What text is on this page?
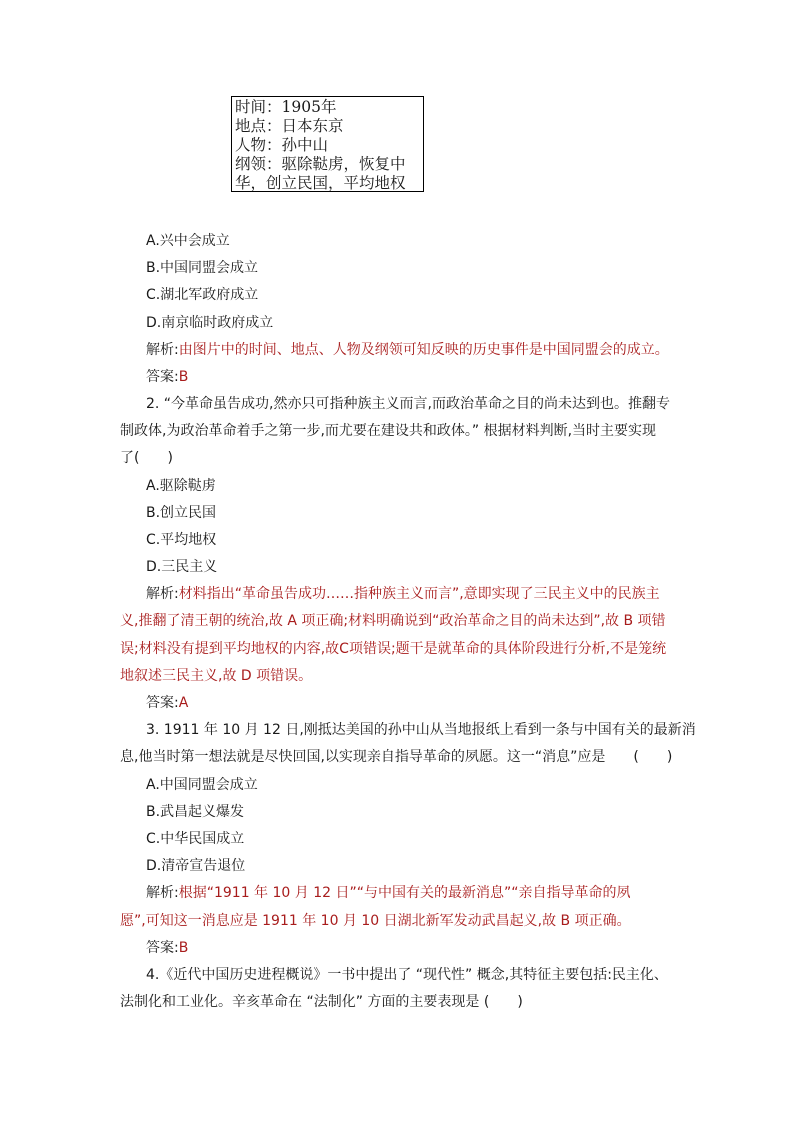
时间：1905年
地点：日本东京
人物：孙中山
纲领：驱除鞑虏，恢复中
华，创立民国，平均地权
A.兴中会成立
B.中国同盟会成立
C.湖北军政府成立
D.南京临时政府成立
解析:由图片中的时间、地点、人物及纲领可知反映的历史事件是中国同盟会的成立。
答案:B
2. “今革命虽告成功,然亦只可指种族主义而言,而政治革命之目的尚未达到也。推翻专
制政体,为政治革命着手之第一步,而尤要在建设共和政体。” 根据材料判断,当时主要实现
了(　　)
A.驱除鞑虏
B.创立民国
C.平均地权
D.三民主义
解析:材料指出“革命虽告成功……指种族主义而言”,意即实现了三民主义中的民族主
义,推翻了清王朝的统治,故 A 项正确;材料明确说到“政治革命之目的尚未达到”,故 B 项错
误;材料没有提到平均地权的内容,故C项错误;题干是就革命的具体阶段进行分析,不是笼统
地叙述三民主义,故 D 项错误。
答案:A
3. 1911 年 10 月 12 日,刚抵达美国的孙中山从当地报纸上看到一条与中国有关的最新消
息,他当时第一想法就是尽快回国,以实现亲自指导革命的夙愿。这一“消息”应是　　(　　)
A.中国同盟会成立
B.武昌起义爆发
C.中华民国成立
D.清帝宣告退位
解析:根据“1911 年 10 月 12 日”“与中国有关的最新消息”“亲自指导革命的夙
愿”,可知这一消息应是 1911 年 10 月 10 日湖北新军发动武昌起义,故 B 项正确。
答案:B
4.《近代中国历史进程概说》一书中提出了 “现代性” 概念,其特征主要包括:民主化、
法制化和工业化。辛亥革命在 “法制化” 方面的主要表现是 (　　)
